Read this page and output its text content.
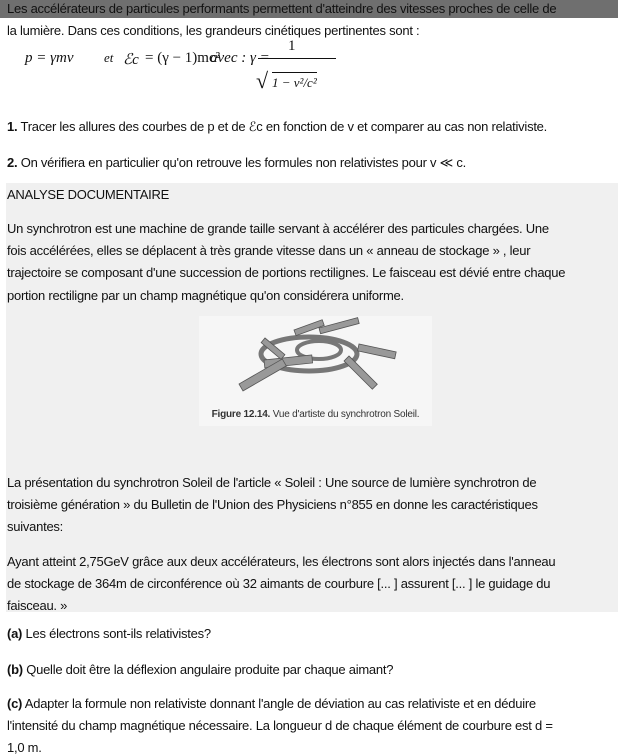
Les accélérateurs de particules performants permettent d'atteindre des vitesses proches de celle de
la lumière. Dans ces conditions, les grandeurs cinétiques pertinentes sont :
p = γmv et ℰc = (γ − 1)mc²
avec : γ =
1
√ 1 − v²/c²
1. Tracer les allures des courbes de p et de ℰc en fonction de v et comparer au cas non relativiste.
2. On vérifiera en particulier qu'on retrouve les formules non relativistes pour v ≪ c.
ANALYSE DOCUMENTAIRE
Un synchrotron est une machine de grande taille servant à accélérer des particules chargées. Une
fois accélérées, elles se déplacent à très grande vitesse dans un « anneau de stockage » , leur
trajectoire se composant d'une succession de portions rectilignes. Le faisceau est dévié entre chaque
portion rectiligne par un champ magnétique qu'on considérera uniforme.
Figure 12.14. Vue d'artiste du synchrotron Soleil.
La présentation du synchrotron Soleil de l'article « Soleil : Une source de lumière synchrotron de
troisième génération » du Bulletin de l'Union des Physiciens n°855 en donne les caractéristiques
suivantes:
Ayant atteint 2,75GeV grâce aux deux accélérateurs, les électrons sont alors injectés dans l'anneau
de stockage de 364m de circonférence où 32 aimants de courbure [... ] assurent [... ] le guidage du
faisceau. »
(a) Les électrons sont-ils relativistes?
(b) Quelle doit être la déflexion angulaire produite par chaque aimant?
(c) Adapter la formule non relativiste donnant l'angle de déviation au cas relativiste et en déduire
l'intensité du champ magnétique nécessaire. La longueur d de chaque élément de courbure est d =
1,0 m.
